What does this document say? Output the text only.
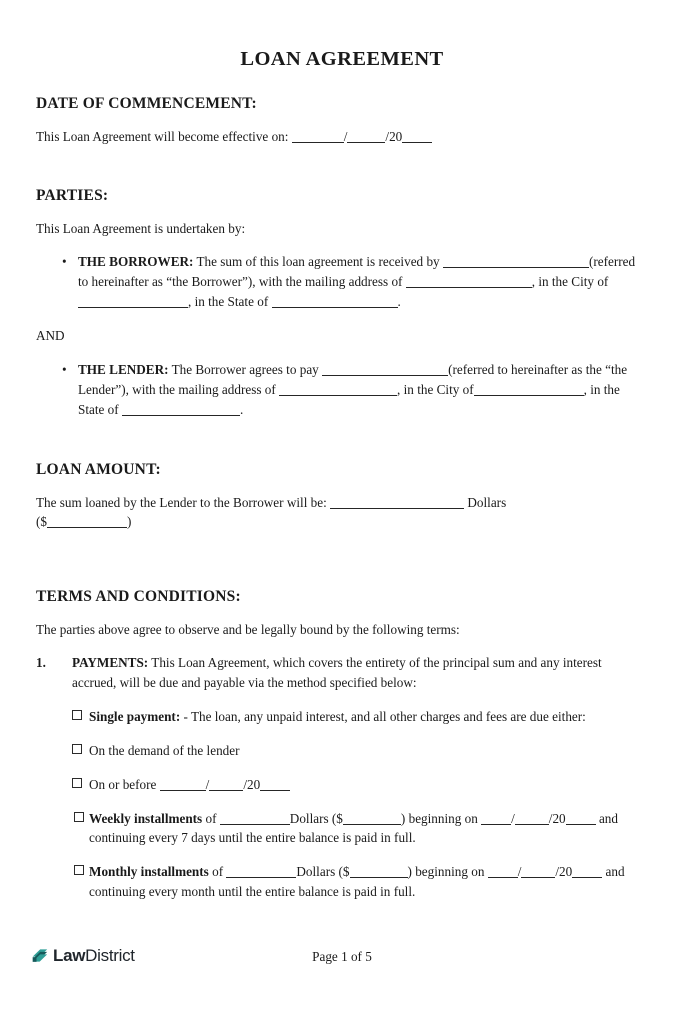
LOAN AGREEMENT
DATE OF COMMENCEMENT:
This Loan Agreement will become effective on:	/	/20
PARTIES:
This Loan Agreement is undertaken by:
• THE BORROWER: The sum of this loan agreement is received by	(referred to hereinafter as “the Borrower”), with the mailing address of	, in the City of, in the State of	.
AND
• THE LENDER: The Borrower agrees to pay	(referred to hereinafter as the “the Lender”), with the mailing address of	, in the City of	, in the State of	.
LOAN AMOUNT:
The sum loaned by the Lender to the Borrower will be:	Dollars
($	)
TERMS AND CONDITIONS:
The parties above agree to observe and be legally bound by the following terms:
1. PAYMENTS: This Loan Agreement, which covers the entirety of the principal sum and any interest accrued, will be due and payable via the method specified below:
Single payment: - The loan, any unpaid interest, and all other charges and fees are due either:
On the demand of the lender
On or before	/	/20
Weekly installments of	Dollars ($	) beginning on	/	/20	and continuing every 7 days until the entire balance is paid in full.
Monthly installments of	Dollars ($	) beginning on	/	/20	and continuing every month until the entire balance is paid in full.
LawDistrict	Page 1 of 5
